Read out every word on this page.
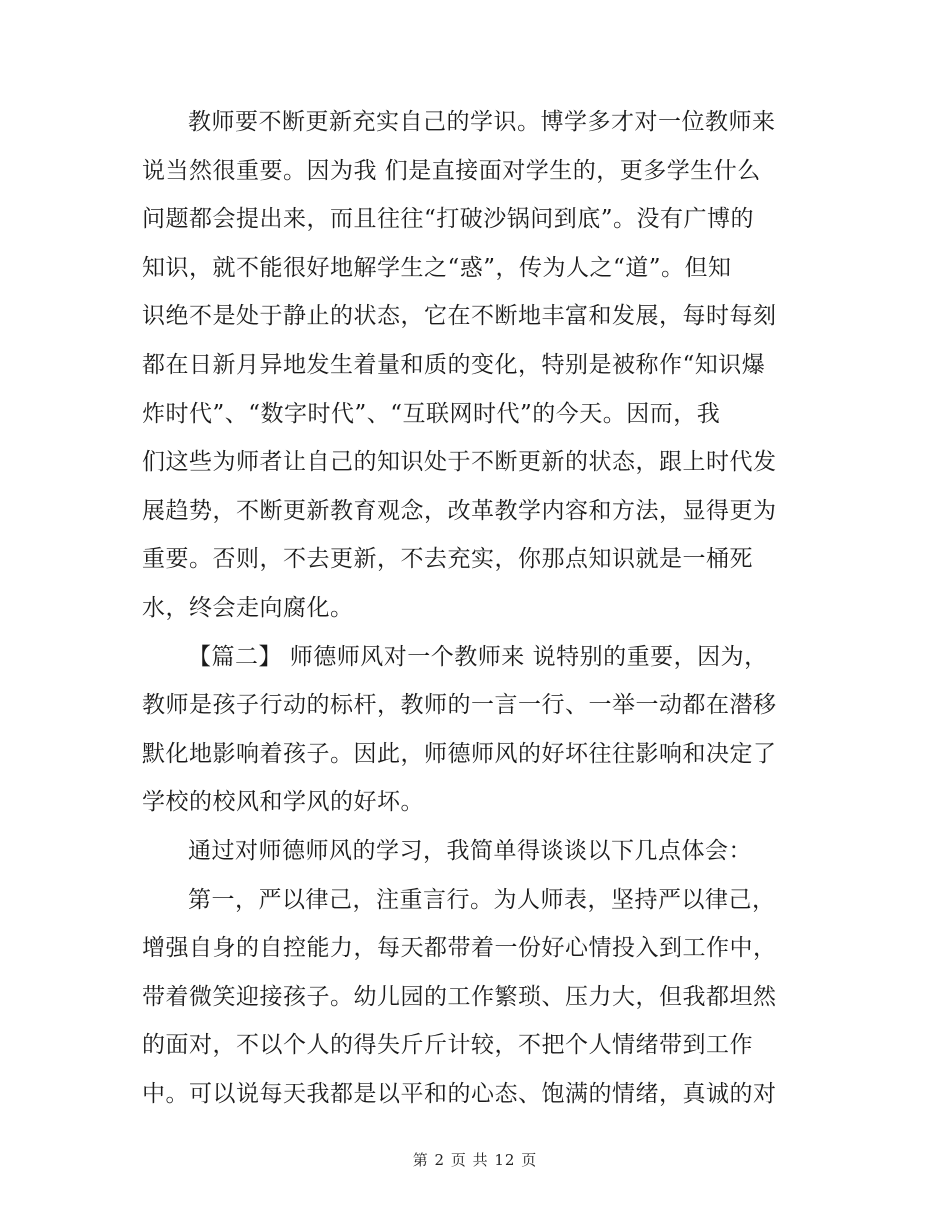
教师要不断更新充实自己的学识。博学多才对一位教师来
说当然很重要。因为我 们是直接面对学生的，更多学生什么
问题都会提出来，而且往往“打破沙锅问到底”。没有广博的
知识，就不能很好地解学生之“惑”，传为人之“道”。但知
识绝不是处于静止的状态，它在不断地丰富和发展，每时每刻
都在日新月异地发生着量和质的变化，特别是被称作“知识爆
炸时代”、“数字时代”、“互联网时代”的今天。因而，我
们这些为师者让自己的知识处于不断更新的状态，跟上时代发
展趋势，不断更新教育观念，改革教学内容和方法，显得更为
重要。否则，不去更新，不去充实，你那点知识就是一桶死
水，终会走向腐化。
【篇二】 师德师风对一个教师来 说特别的重要，因为，
教师是孩子行动的标杆，教师的一言一行、一举一动都在潜移
默化地影响着孩子。因此，师德师风的好坏往往影响和决定了
学校的校风和学风的好坏。
通过对师德师风的学习，我简单得谈谈以下几点体会：
第一，严以律己，注重言行。为人师表，坚持严以律己，
增强自身的自控能力，每天都带着一份好心情投入到工作中，
带着微笑迎接孩子。幼儿园的工作繁琐、压力大，但我都坦然
的面对，不以个人的得失斤斤计较，不把个人情绪带到工作
中。可以说每天我都是以平和的心态、饱满的情绪，真诚的对
第 2 页 共 12 页
